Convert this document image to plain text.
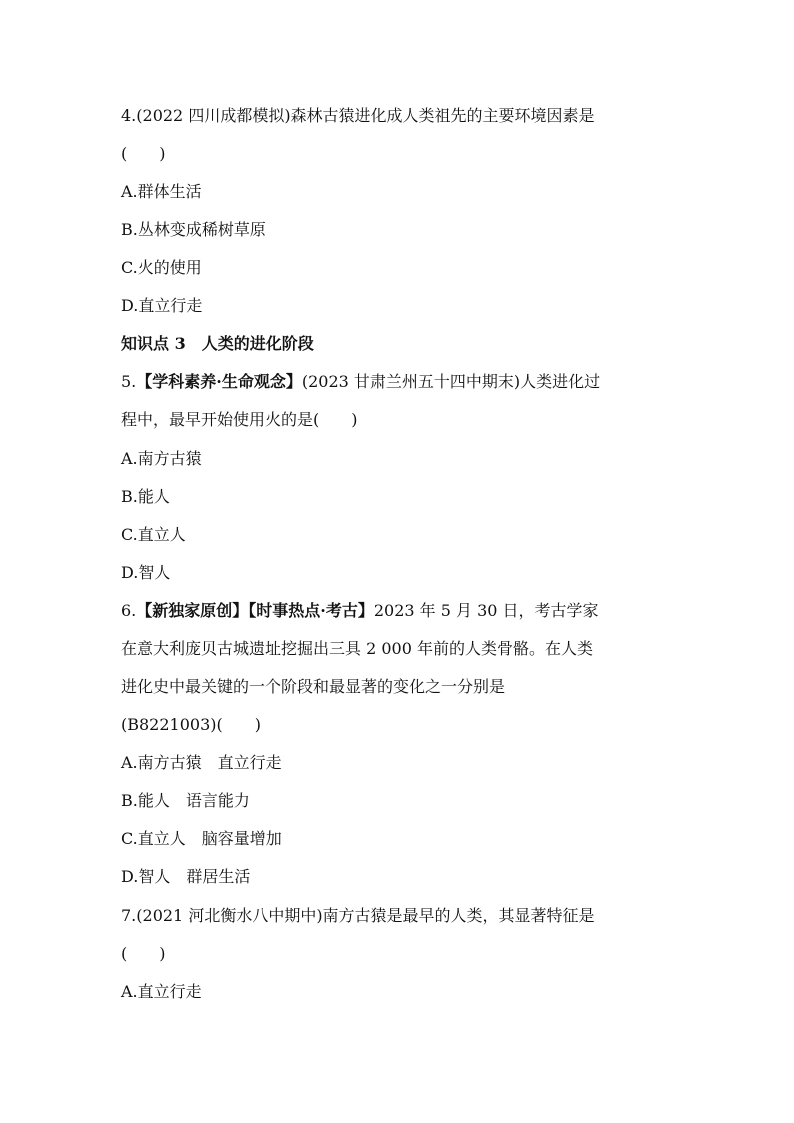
4.(2022 四川成都模拟)森林古猿进化成人类祖先的主要环境因素是
(　　)
A.群体生活
B.丛林变成稀树草原
C.火的使用
D.直立行走
知识点 3　人类的进化阶段
5.【学科素养·生命观念】(2023 甘肃兰州五十四中期末)人类进化过
程中，最早开始使用火的是(　　)
A.南方古猿
B.能人
C.直立人
D.智人
6.【新独家原创】【时事热点·考古】2023 年 5 月 30 日，考古学家
在意大利庞贝古城遗址挖掘出三具 2 000 年前的人类骨骼。在人类
进化史中最关键的一个阶段和最显著的变化之一分别是
(B8221003)(　　)
A.南方古猿　直立行走
B.能人　语言能力
C.直立人　脑容量增加
D.智人　群居生活
7.(2021 河北衡水八中期中)南方古猿是最早的人类，其显著特征是
(　　)
A.直立行走
